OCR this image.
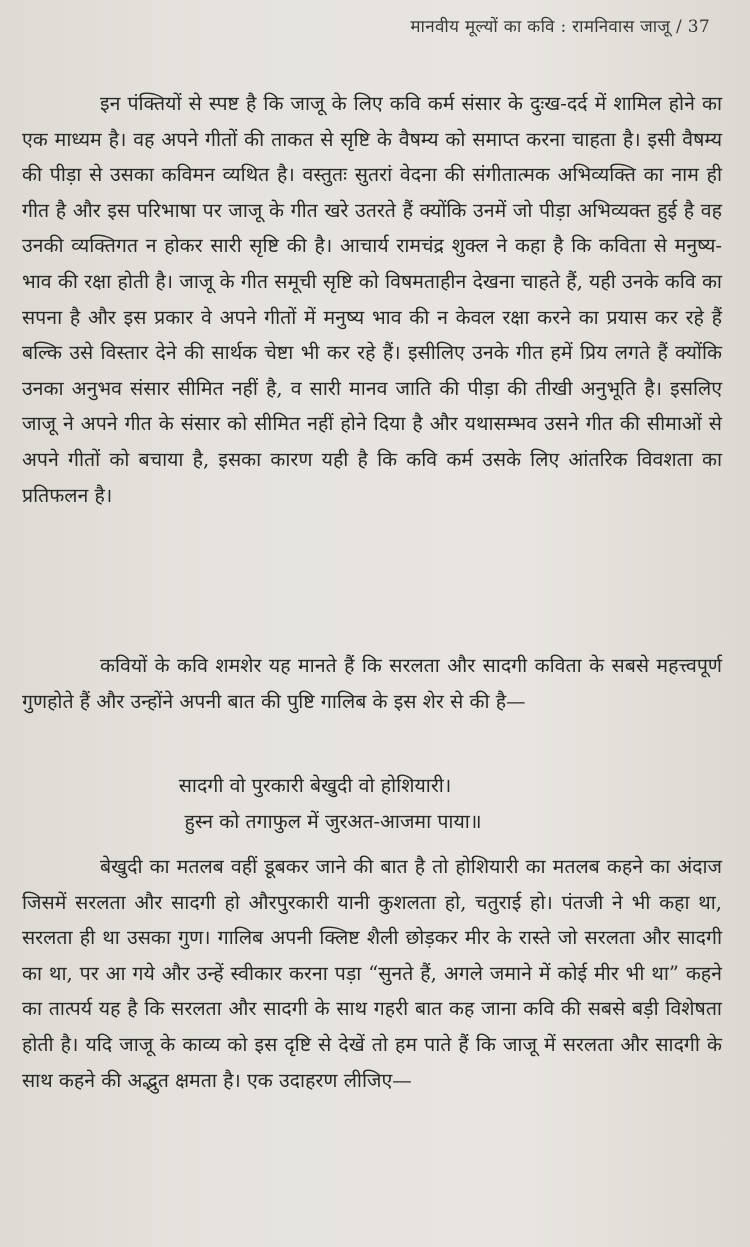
मानवीय मूल्यों का कवि : रामनिवास जाजू / 37

इन पंक्तियों से स्पष्ट है कि जाजू के लिए कवि कर्म संसार के दुःख-दर्द में शामिल होने का एक माध्यम है। वह अपने गीतों की ताकत से सृष्टि के वैषम्य को समाप्त करना चाहता है। इसी वैषम्य की पीड़ा से उसका कविमन व्यथित है। वस्तुतः सुतरां वेदना की संगीतात्मक अभिव्यक्ति का नाम ही गीत है और इस परिभाषा पर जाजू के गीत खरे उतरते हैं क्योंकि उनमें जो पीड़ा अभिव्यक्त हुई है वह उनकी व्यक्तिगत न होकर सारी सृष्टि की है। आचार्य रामचंद्र शुक्ल ने कहा है कि कविता से मनुष्य-भाव की रक्षा होती है। जाजू के गीत समूची सृष्टि को विषमताहीन देखना चाहते हैं, यही उनके कवि का सपना है और इस प्रकार वे अपने गीतों में मनुष्य भाव की न केवल रक्षा करने का प्रयास कर रहे हैं बल्कि उसे विस्तार देने की सार्थक चेष्टा भी कर रहे हैं। इसीलिए उनके गीत हमें प्रिय लगते हैं क्योंकि उनका अनुभव संसार सीमित नहीं है, व सारी मानव जाति की पीड़ा की तीखी अनुभूति है। इसलिए जाजू ने अपने गीत के संसार को सीमित नहीं होने दिया है और यथासम्भव उसने गीत की सीमाओं से अपने गीतों को बचाया है, इसका कारण यही है कि कवि कर्म उसके लिए आंतरिक विवशता का प्रतिफलन है।

कवियों के कवि शमशेर यह मानते हैं कि सरलता और सादगी कविता के सबसे महत्त्वपूर्ण गुणहोते हैं और उन्होंने अपनी बात की पुष्टि गालिब के इस शेर से की है—

सादगी वो पुरकारी बेखुदी वो होशियारी।
हुस्न को तगाफुल में जुरअत-आजमा पाया॥

बेखुदी का मतलब वहीं डूबकर जाने की बात है तो होशियारी का मतलब कहने का अंदाज जिसमें सरलता और सादगी हो औरपुरकारी यानी कुशलता हो, चतुराई हो। पंतजी ने भी कहा था, सरलता ही था उसका गुण। गालिब अपनी क्लिष्ट शैली छोड़कर मीर के रास्ते जो सरलता और सादगी का था, पर आ गये और उन्हें स्वीकार करना पड़ा “सुनते हैं, अगले जमाने में कोई मीर भी था” कहने का तात्पर्य यह है कि सरलता और सादगी के साथ गहरी बात कह जाना कवि की सबसे बड़ी विशेषता होती है। यदि जाजू के काव्य को इस दृष्टि से देखें तो हम पाते हैं कि जाजू में सरलता और सादगी के साथ कहने की अद्भुत क्षमता है। एक उदाहरण लीजिए—
